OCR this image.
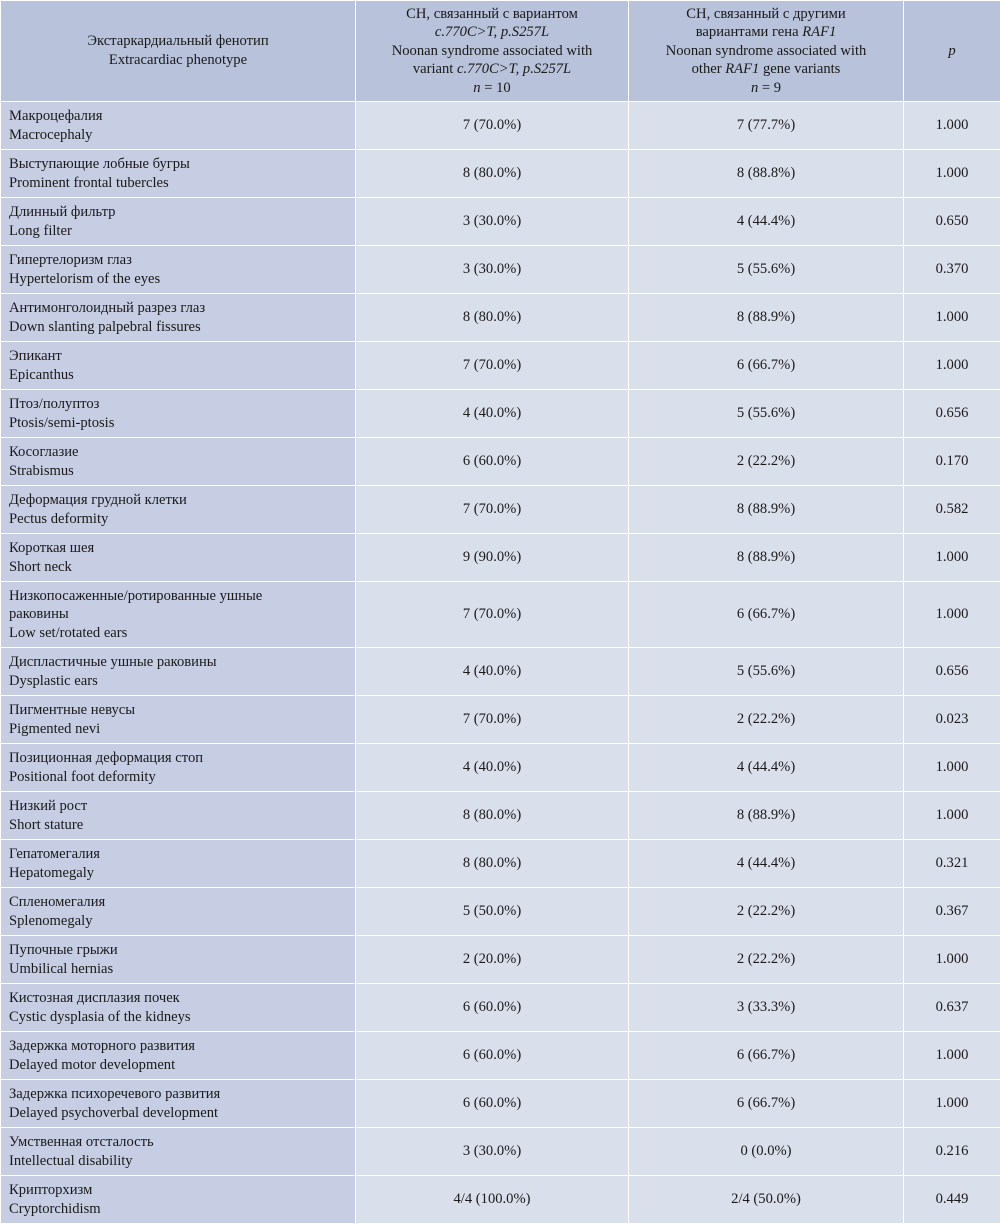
Экстаркардиальный фенотип
Extracardiac phenotype	СН, связанный с вариантом
c.770C>T, p.S257L
Noonan syndrome associated with
variant c.770C>T, p.S257L
n = 10	СН, связанный с другими
вариантами гена RAF1
Noonan syndrome associated with
other RAF1 gene variants
n = 9	p

Макроцефалия
Macrocephaly	7 (70.0%)	7 (77.7%)	1.000

Выступающие лобные бугры
Prominent frontal tubercles	8 (80.0%)	8 (88.8%)	1.000

Длинный фильтр
Long filter	3 (30.0%)	4 (44.4%)	0.650

Гипертелоризм глаз
Hypertelorism of the eyes	3 (30.0%)	5 (55.6%)	0.370

Антимонголоидный разрез глаз
Down slanting palpebral fissures	8 (80.0%)	8 (88.9%)	1.000

Эпикант
Epicanthus	7 (70.0%)	6 (66.7%)	1.000

Птоз/полуптоз
Ptosis/semi-ptosis	4 (40.0%)	5 (55.6%)	0.656

Косоглазие
Strabismus	6 (60.0%)	2 (22.2%)	0.170

Деформация грудной клетки
Pectus deformity	7 (70.0%)	8 (88.9%)	0.582

Короткая шея
Short neck	9 (90.0%)	8 (88.9%)	1.000

Низкопосаженные/ротированные ушные
раковины
Low set/rotated ears	7 (70.0%)	6 (66.7%)	1.000

Диспластичные ушные раковины
Dysplastic ears	4 (40.0%)	5 (55.6%)	0.656

Пигментные невусы
Pigmented nevi	7 (70.0%)	2 (22.2%)	0.023

Позиционная деформация стоп
Positional foot deformity	4 (40.0%)	4 (44.4%)	1.000

Низкий рост
Short stature	8 (80.0%)	8 (88.9%)	1.000

Гепатомегалия
Hepatomegaly	8 (80.0%)	4 (44.4%)	0.321

Спленомегалия
Splenomegaly	5 (50.0%)	2 (22.2%)	0.367

Пупочные грыжи
Umbilical hernias	2 (20.0%)	2 (22.2%)	1.000

Кистозная дисплазия почек
Cystic dysplasia of the kidneys	6 (60.0%)	3 (33.3%)	0.637

Задержка моторного развития
Delayed motor development	6 (60.0%)	6 (66.7%)	1.000

Задержка психоречевого развития
Delayed psychoverbal development	6 (60.0%)	6 (66.7%)	1.000

Умственная отсталость
Intellectual disability	3 (30.0%)	0 (0.0%)	0.216

Крипторхизм
Cryptorchidism	4/4 (100.0%)	2/4 (50.0%)	0.449
